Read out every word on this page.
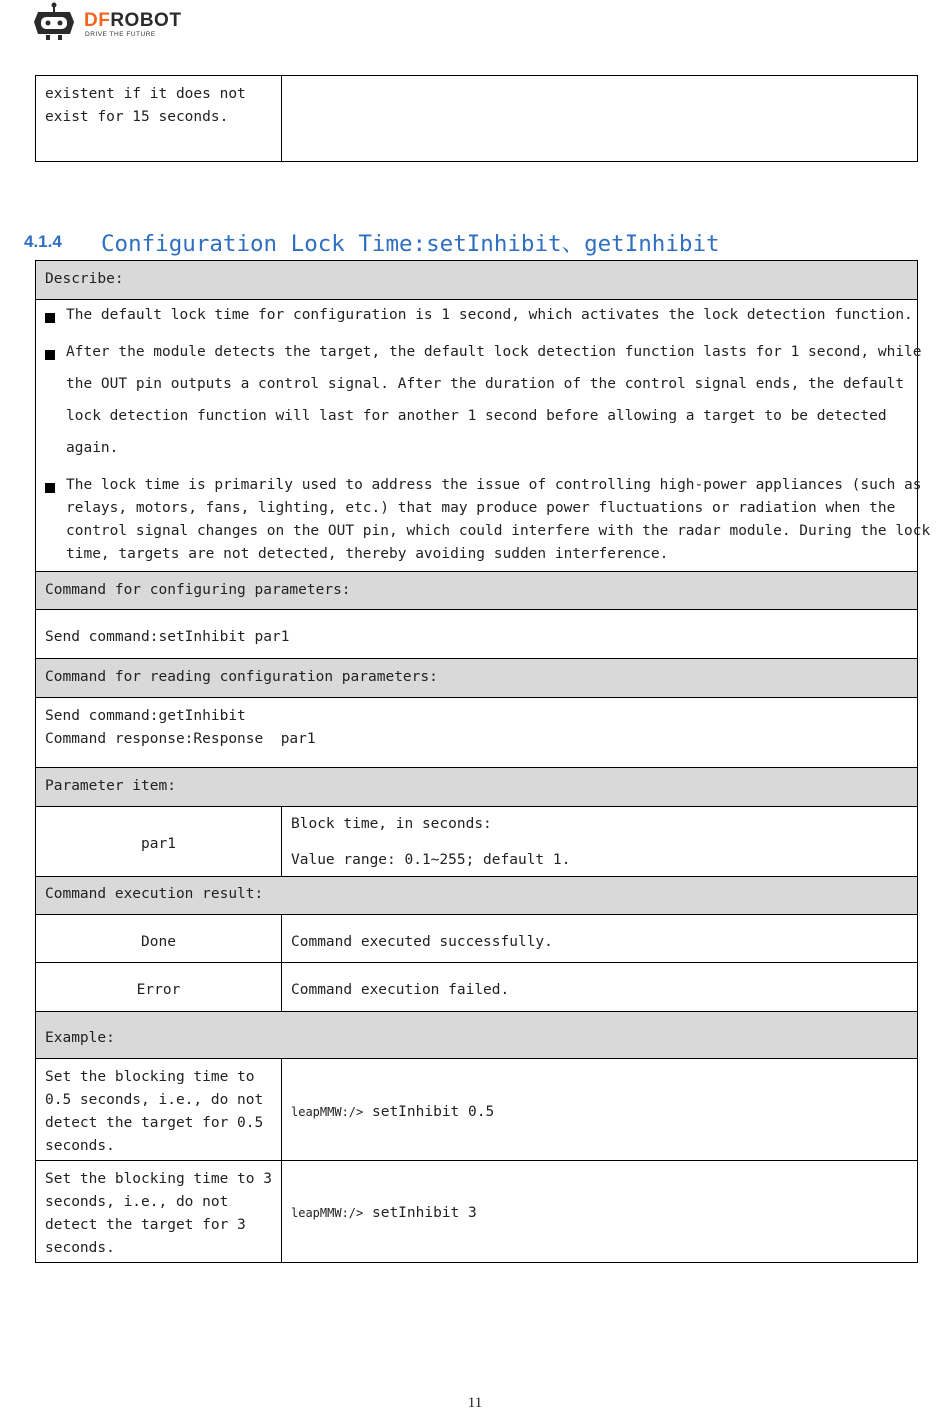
DFROBOT
DRIVE THE FUTURE
existent if it does not
exist for 15 seconds.
4.1.4 Configuration Lock Time:setInhibit、getInhibit
Describe:
The default lock time for configuration is 1 second, which activates the lock detection function.
After the module detects the target, the default lock detection function lasts for 1 second, while
the OUT pin outputs a control signal. After the duration of the control signal ends, the default
lock detection function will last for another 1 second before allowing a target to be detected
again.
The lock time is primarily used to address the issue of controlling high-power appliances (such as
relays, motors, fans, lighting, etc.) that may produce power fluctuations or radiation when the
control signal changes on the OUT pin, which could interfere with the radar module. During the lock
time, targets are not detected, thereby avoiding sudden interference.
Command for configuring parameters:
Send command:setInhibit par1
Command for reading configuration parameters:
Send command:getInhibit
Command response:Response  par1
Parameter item:
par1
Block time, in seconds:
Value range: 0.1~255; default 1.
Command execution result:
Done	Command executed successfully.
Error	Command execution failed.
Example:
Set the blocking time to
0.5 seconds, i.e., do not
detect the target for 0.5
seconds.
leapMMW:/> setInhibit 0.5
Set the blocking time to 3
seconds, i.e., do not
detect the target for 3
seconds.
leapMMW:/> setInhibit 3
11
